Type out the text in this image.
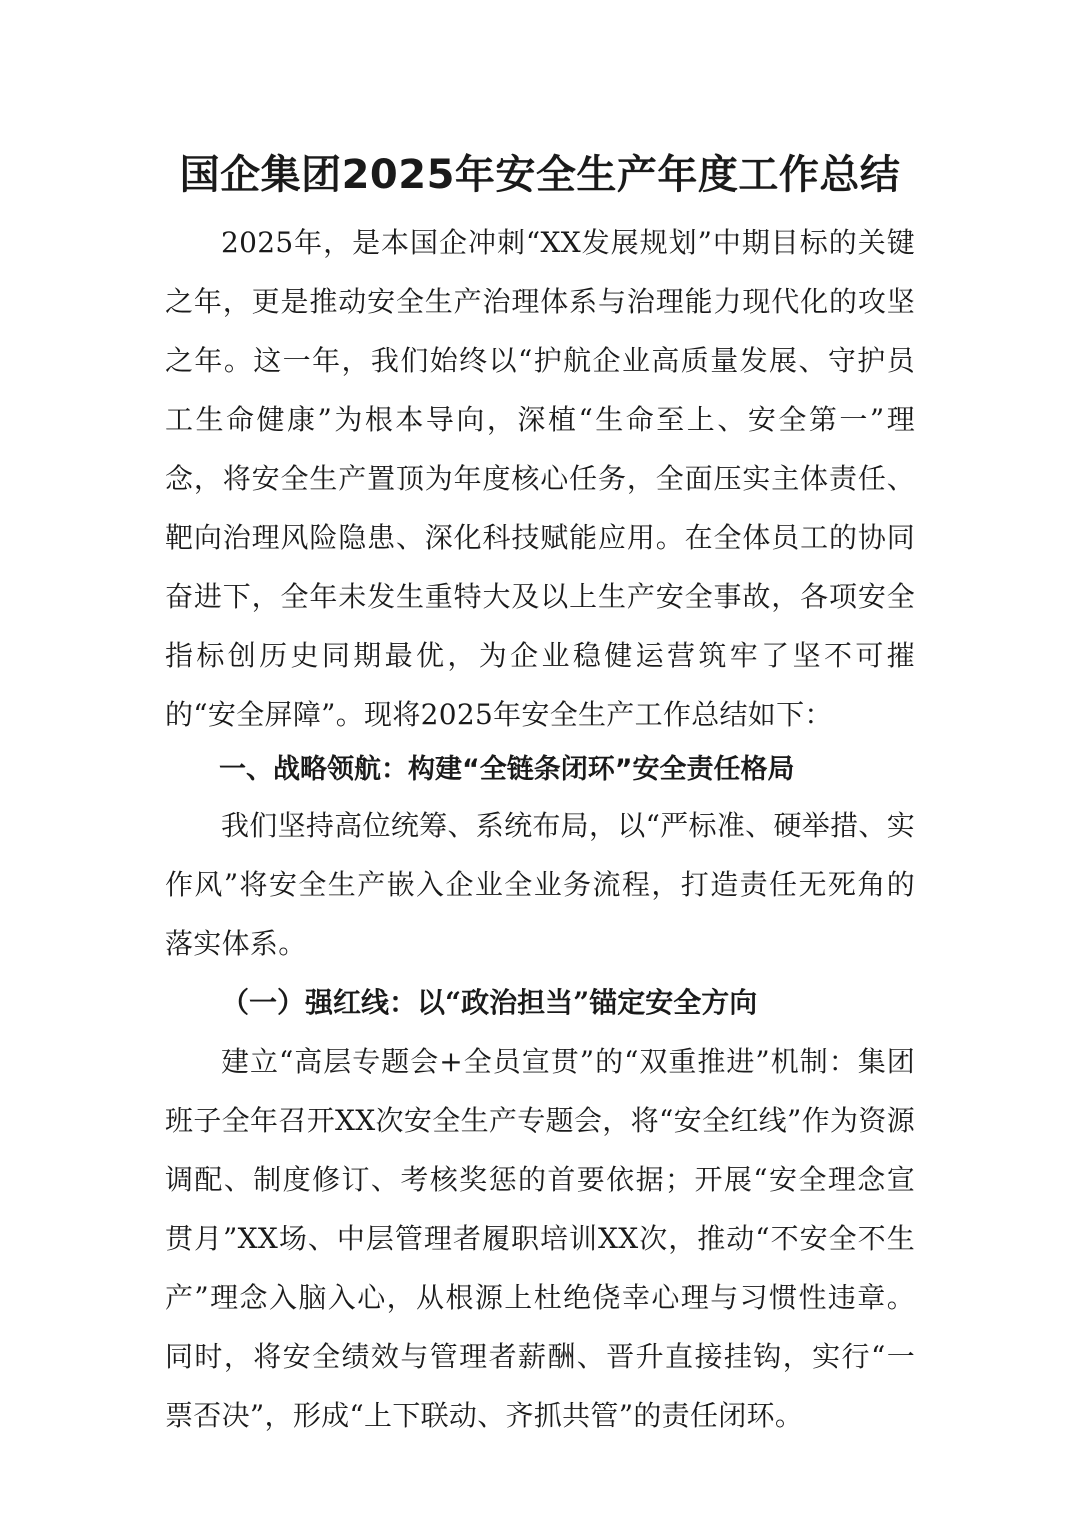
国企集团2025年安全生产年度工作总结

2025年，是本国企冲刺“XX发展规划”中期目标的关键之年，更是推动安全生产治理体系与治理能力现代化的攻坚之年。这一年，我们始终以“护航企业高质量发展、守护员工生命健康”为根本导向，深植“生命至上、安全第一”理念，将安全生产置顶为年度核心任务，全面压实主体责任、靶向治理风险隐患、深化科技赋能应用。在全体员工的协同奋进下，全年未发生重特大及以上生产安全事故，各项安全指标创历史同期最优，为企业稳健运营筑牢了坚不可摧的“安全屏障”。现将2025年安全生产工作总结如下：

一、战略领航：构建“全链条闭环”安全责任格局

我们坚持高位统筹、系统布局，以“严标准、硬举措、实作风”将安全生产嵌入企业全业务流程，打造责任无死角的落实体系。

（一）强红线：以“政治担当”锚定安全方向

建立“高层专题会+全员宣贯”的“双重推进”机制：集团班子全年召开XX次安全生产专题会，将“安全红线”作为资源调配、制度修订、考核奖惩的首要依据；开展“安全理念宣贯月”XX场、中层管理者履职培训XX次，推动“不安全不生产”理念入脑入心，从根源上杜绝侥幸心理与习惯性违章。同时，将安全绩效与管理者薪酬、晋升直接挂钩，实行“一票否决”，形成“上下联动、齐抓共管”的责任闭环。
